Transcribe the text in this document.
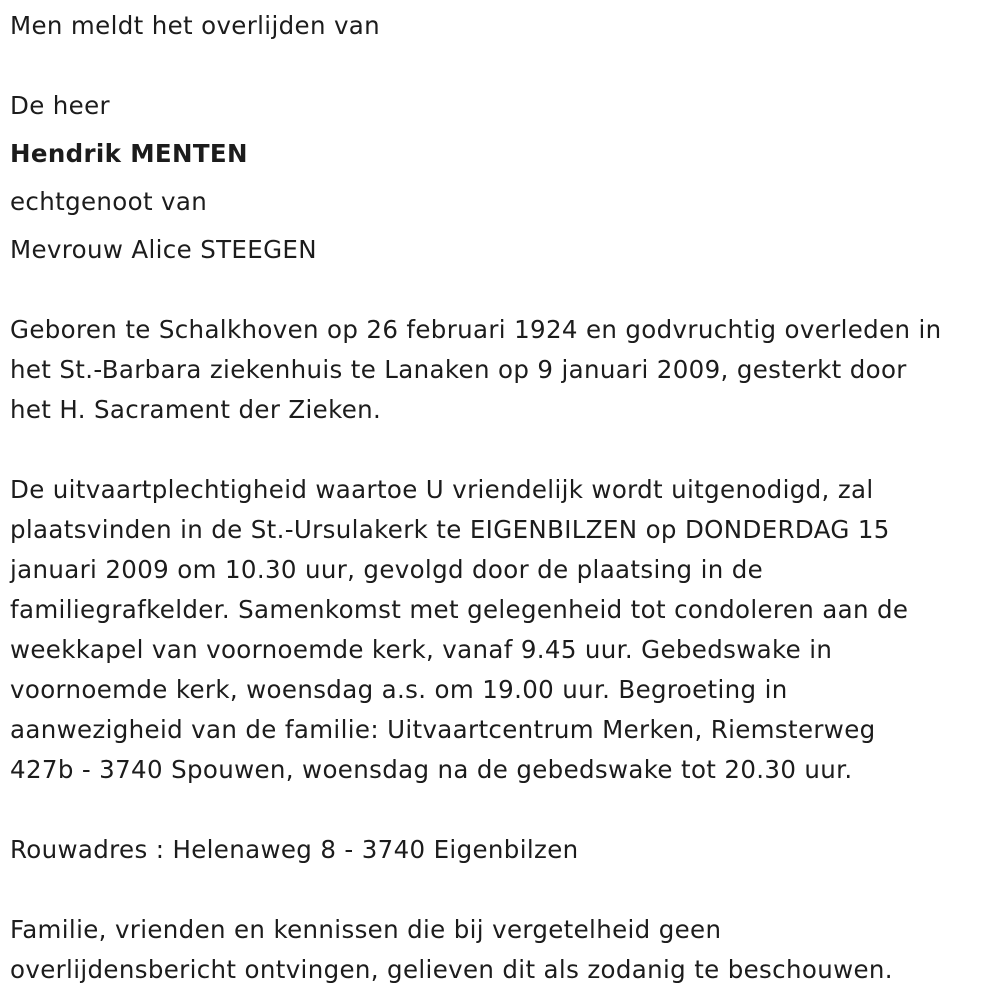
Men meldt het overlijden van
De heer
Hendrik MENTEN
echtgenoot van
Mevrouw Alice STEEGEN
Geboren te Schalkhoven op 26 februari 1924 en godvruchtig overleden in
het St.-Barbara ziekenhuis te Lanaken op 9 januari 2009, gesterkt door
het H. Sacrament der Zieken.
De uitvaartplechtigheid waartoe U vriendelijk wordt uitgenodigd, zal
plaatsvinden in de St.-Ursulakerk te EIGENBILZEN op DONDERDAG 15
januari 2009 om 10.30 uur, gevolgd door de plaatsing in de
familiegrafkelder. Samenkomst met gelegenheid tot condoleren aan de
weekkapel van voornoemde kerk, vanaf 9.45 uur. Gebedswake in
voornoemde kerk, woensdag a.s. om 19.00 uur. Begroeting in
aanwezigheid van de familie: Uitvaartcentrum Merken, Riemsterweg
427b - 3740 Spouwen, woensdag na de gebedswake tot 20.30 uur.
Rouwadres : Helenaweg 8 - 3740 Eigenbilzen
Familie, vrienden en kennissen die bij vergetelheid geen
overlijdensbericht ontvingen, gelieven dit als zodanig te beschouwen.
